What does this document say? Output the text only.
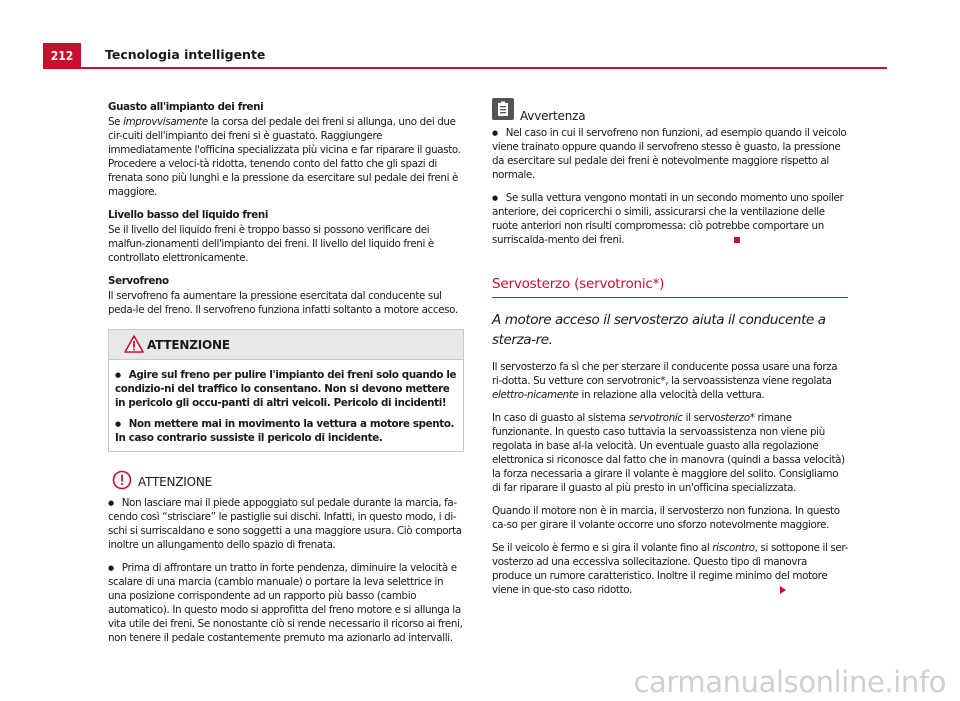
212	Tecnologia intelligente
Guasto all'impianto dei freni

Se improvvisamente la corsa del pedale dei freni si allunga, uno dei due cir-cuiti dell'impianto dei freni si è guastato. Raggiungere immediatamente l'officina specializzata più vicina e far riparare il guasto. Procedere a veloci-tà ridotta, tenendo conto del fatto che gli spazi di frenata sono più lunghi e la pressione da esercitare sul pedale dei freni è maggiore.

Livello basso del liquido freni

Se il livello del liquido freni è troppo basso si possono verificare dei malfun-zionamenti dell'impianto dei freni. Il livello del liquido freni è controllato elettronicamente.

Servofreno

Il servofreno fa aumentare la pressione esercitata dal conducente sul peda-le del freno. Il servofreno funziona infatti soltanto a motore acceso.

ATTENZIONE

● Agire sul freno per pulire l'impianto dei freni solo quando le condizio-ni del traffico lo consentano. Non si devono mettere in pericolo gli occu-panti di altri veicoli. Pericolo di incidenti!

● Non mettere mai in movimento la vettura a motore spento. In caso contrario sussiste il pericolo di incidente.

ATTENZIONE

● Non lasciare mai il piede appoggiato sul pedale durante la marcia, fa-cendo così “strisciare” le pastiglie sui dischi. Infatti, in questo modo, i di-schi si surriscaldano e sono soggetti a una maggiore usura. Ciò comporta inoltre un allungamento dello spazio di frenata.

● Prima di affrontare un tratto in forte pendenza, diminuire la velocità e scalare di una marcia (cambio manuale) o portare la leva selettrice in una posizione corrispondente ad un rapporto più basso (cambio automatico). In questo modo si approfitta del freno motore e si allunga la vita utile dei freni. Se nonostante ciò si rende necessario il ricorso ai freni, non tenere il pedale costantemente premuto ma azionarlo ad intervalli.

Avvertenza

● Nel caso in cui il servofreno non funzioni, ad esempio quando il veicolo viene trainato oppure quando il servofreno stesso è guasto, la pressione da esercitare sul pedale dei freni è notevolmente maggiore rispetto al normale.

● Se sulla vettura vengono montati in un secondo momento uno spoiler anteriore, dei copricerchi o simili, assicurarsi che la ventilazione delle ruote anteriori non risulti compromessa: ciò potrebbe comportare un surriscalda-mento dei freni.

Servosterzo (servotronic*)
A motore acceso il servosterzo aiuta il conducente a sterza-re.

Il servosterzo fa sì che per sterzare il conducente possa usare una forza ri-dotta. Su vetture con servotronic*, la servoassistenza viene regolata elettro-nicamente in relazione alla velocità della vettura.

In caso di guasto al sistema servotronic il servosterzo* rimane funzionante. In questo caso tuttavia la servoassistenza non viene più regolata in base al-la velocità. Un eventuale guasto alla regolazione elettronica si riconosce dal fatto che in manovra (quindi a bassa velocità) la forza necessaria a girare il volante è maggiore del solito. Consigliamo di far riparare il guasto al più presto in un'officina specializzata.

Quando il motore non è in marcia, il servosterzo non funziona. In questo ca-so per girare il volante occorre uno sforzo notevolmente maggiore.

Se il veicolo è fermo e si gira il volante fino al riscontro, si sottopone il ser-vosterzo ad una eccessiva sollecitazione. Questo tipo di manovra produce un rumore caratteristico. Inoltre il regime minimo del motore viene in que-sto caso ridotto.

carmanualsonline.info
